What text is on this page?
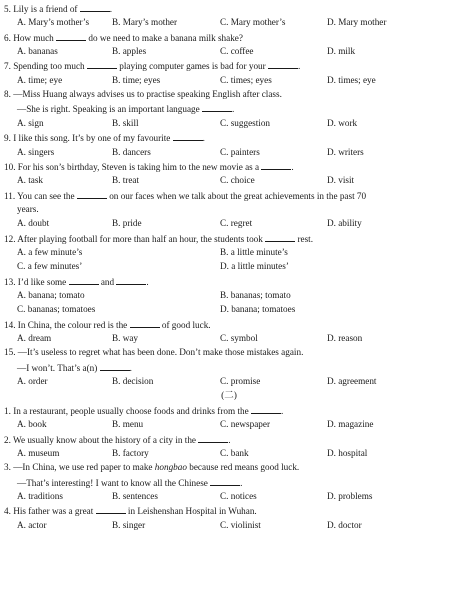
5. Lily is a friend of	.
A. Mary’s mother’s B. Mary’s mother	C. Mary mother’s	D. Mary mother
6. How much	do we need to make a banana milk shake?
A. bananas	B. apples	C. coffee	D. milk
7. Spending too much	playing computer games is bad for your	.
A. time; eye	B. time; eyes	C. times; eyes	D. times; eye
8. —Miss Huang always advises us to practise speaking English after class.
—She is right. Speaking is an important language	.
A. sign	B. skill	C. suggestion	D. work
9. I like this song. It’s by one of my favourite	.
A. singers	B. dancers	C. painters	D. writers
10. For his son’s birthday, Steven is taking him to the new movie as a	.
A. task	B. treat	C. choice	D. visit
11. You can see the	on our faces when we talk about the great achievements in the past 70
years.
A. doubt	B. pride	C. regret	D. ability
12. After playing football for more than half an hour, the students took	rest.
A. a few minute’s	B. a little minute’s
C. a few minutes’	D. a little minutes’
13. I’d like some	and	.
A. banana; tomato	B. bananas; tomato
C. bananas; tomatoes	D. banana; tomatoes
14. In China, the colour red is the	of good luck.
A. dream	B. way	C. symbol	D. reason
15. —It’s useless to regret what has been done. Don’t make those mistakes again.
—I won’t. That’s a(n)	.
A. order	B. decision	C. promise	D. agreement
(二)
1. In a restaurant, people usually choose foods and drinks from the	.
A. book	B. menu	C. newspaper	D. magazine
2. We usually know about the history of a city in the	.
A. museum	B. factory	C. bank	D. hospital
3. —In China, we use red paper to make hongbao because red means good luck.
—That’s interesting! I want to know all the Chinese	.
A. traditions	B. sentences	C. notices	D. problems
4. His father was a great	in Leishenshan Hospital in Wuhan.
A. actor	B. singer	C. violinist	D. doctor
